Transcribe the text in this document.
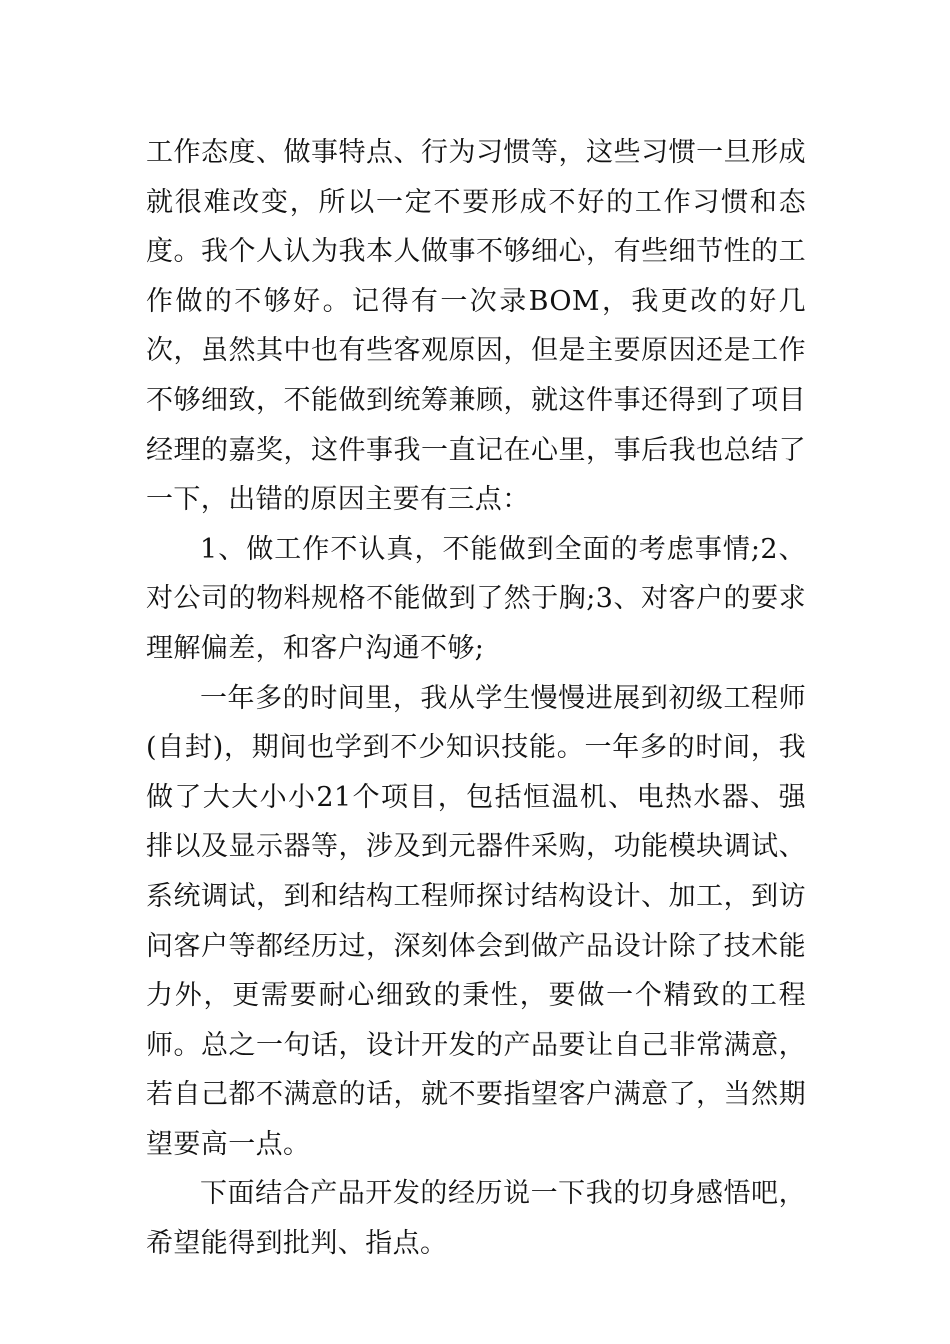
工作态度、做事特点、行为习惯等，这些习惯一旦形成就很难改变，所以一定不要形成不好的工作习惯和态度。我个人认为我本人做事不够细心，有些细节性的工作做的不够好。记得有一次录BOM，我更改的好几次，虽然其中也有些客观原因，但是主要原因还是工作不够细致，不能做到统筹兼顾，就这件事还得到了项目经理的嘉奖，这件事我一直记在心里，事后我也总结了一下，出错的原因主要有三点：

1、做工作不认真，不能做到全面的考虑事情;2、对公司的物料规格不能做到了然于胸;3、对客户的要求理解偏差，和客户沟通不够;

一年多的时间里，我从学生慢慢进展到初级工程师(自封)，期间也学到不少知识技能。一年多的时间，我做了大大小小21个项目，包括恒温机、电热水器、强排以及显示器等，涉及到元器件采购，功能模块调试、系统调试，到和结构工程师探讨结构设计、加工，到访问客户等都经历过，深刻体会到做产品设计除了技术能力外，更需要耐心细致的秉性，要做一个精致的工程师。总之一句话，设计开发的产品要让自己非常满意，若自己都不满意的话，就不要指望客户满意了，当然期望要高一点。

下面结合产品开发的经历说一下我的切身感悟吧，希望能得到批判、指点。
